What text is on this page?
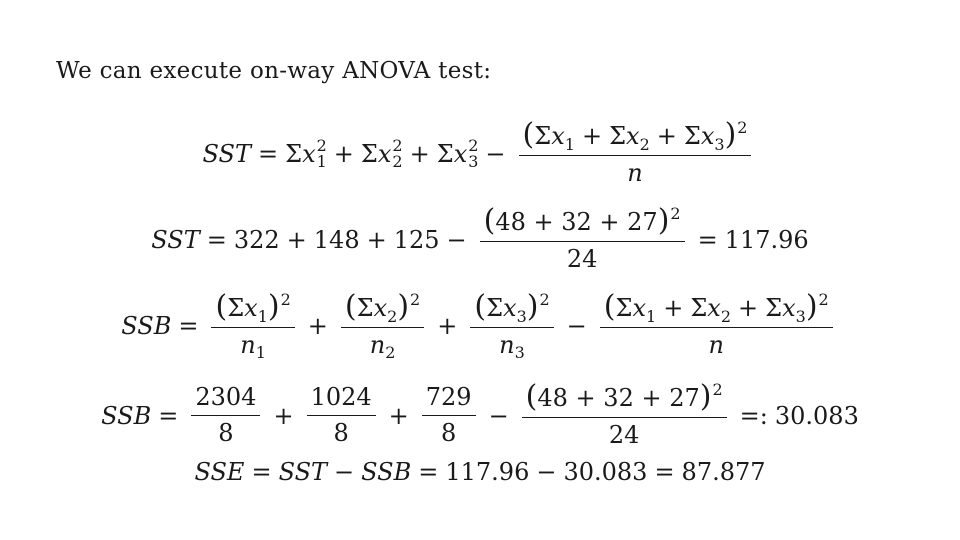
We can execute on-way ANOVA test:
SST = Σ x 2
1 + Σ x 2
2 + Σ x 2
$3 - \frac{(\Sigma x_1 + \Sigma x_2 + \Sigma x_3)^2}{n}$
SST = $322 + 148 + 125 - \frac{(48 + 32 + 27)^2}{24} = 117.96$
SSB = $\frac{(\Sigma x_1)^2}{n_1} + \frac{(\Sigma x_2)^2}{n_2} + \frac{(\Sigma x_3)^2}{n_3} - \frac{(\Sigma x_1 + \Sigma x_2 + \Sigma x_3)^2}{n}$
SSB = $\frac{2304}{8} + \frac{1024}{8} + \frac{729}{8} - \frac{(48 + 32 + 27)^2}{24}$ =: 30.083
SSE = SST − SSB = 117.96 − 30.083 = 87.877
